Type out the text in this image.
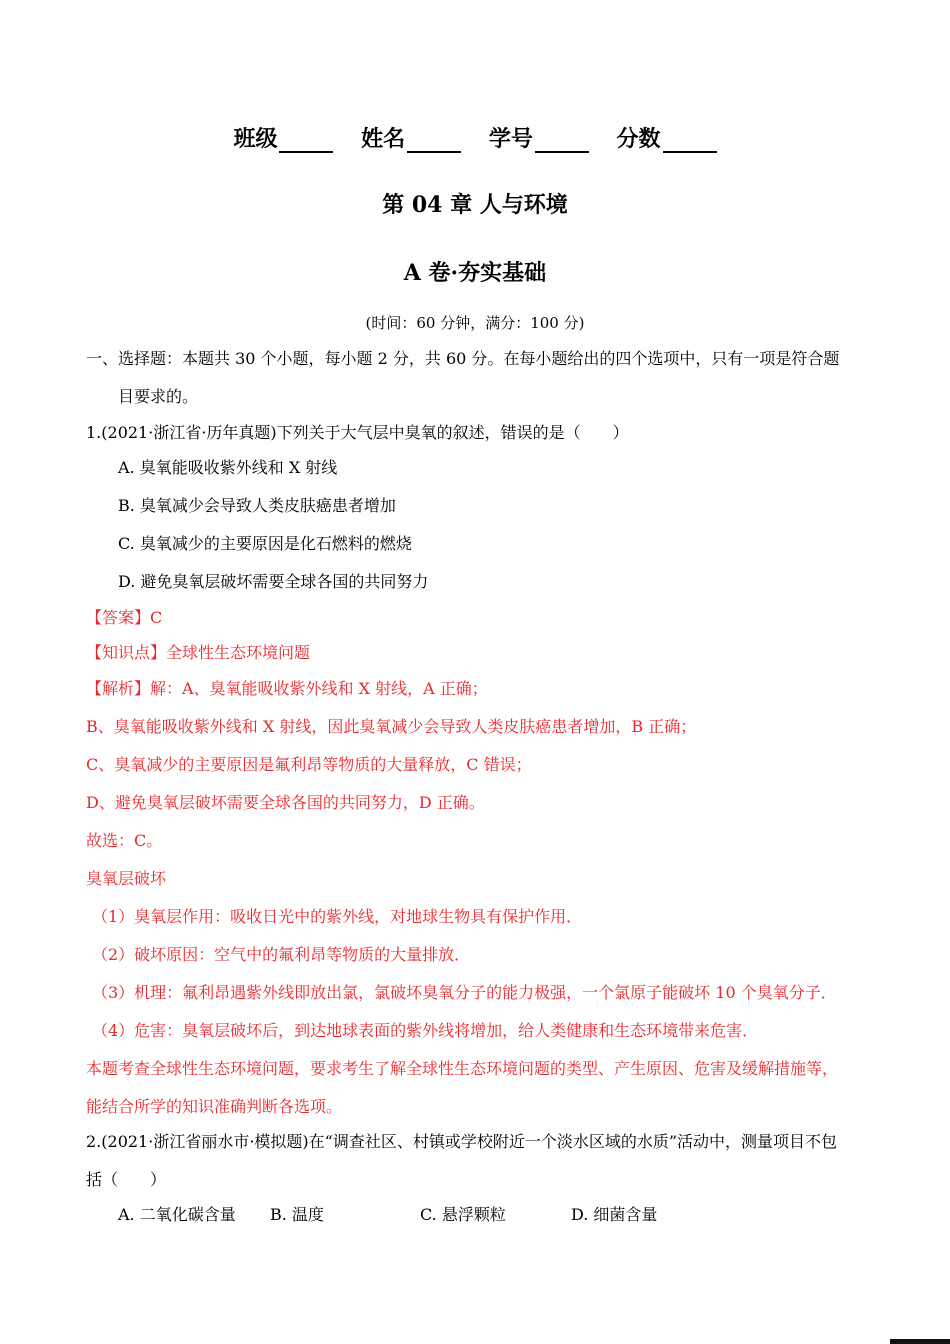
班级	姓名	学号	分数
第 04 章 人与环境
A 卷·夯实基础
(时间：60 分钟，满分：100 分)
一、选择题：本题共 30 个小题，每小题 2 分，共 60 分。在每小题给出的四个选项中，只有一项是符合题
目要求的。
1.(2021·浙江省·历年真题)下列关于大气层中臭氧的叙述，错误的是（　　）
A. 臭氧能吸收紫外线和 X 射线
B. 臭氧减少会导致人类皮肤癌患者增加
C. 臭氧减少的主要原因是化石燃料的燃烧
D. 避免臭氧层破坏需要全球各国的共同努力
【答案】C
【知识点】全球性生态环境问题
【解析】解：A、臭氧能吸收紫外线和 X 射线，A 正确；
B、臭氧能吸收紫外线和 X 射线，因此臭氧减少会导致人类皮肤癌患者增加，B 正确；
C、臭氧减少的主要原因是氟利昂等物质的大量释放，C 错误；
D、避免臭氧层破坏需要全球各国的共同努力，D 正确。
故选：C。
臭氧层破坏
（1）臭氧层作用：吸收日光中的紫外线，对地球生物具有保护作用．
（2）破坏原因：空气中的氟利昂等物质的大量排放．
（3）机理：氟利昂遇紫外线即放出氯，氯破坏臭氧分子的能力极强，一个氯原子能破坏 10 个臭氧分子．
（4）危害：臭氧层破坏后，到达地球表面的紫外线将增加，给人类健康和生态环境带来危害．
本题考查全球性生态环境问题，要求考生了解全球性生态环境问题的类型、产生原因、危害及缓解措施等，
能结合所学的知识准确判断各选项。
2.(2021·浙江省丽水市·模拟题)在“调查社区、村镇或学校附近一个淡水区域的水质”活动中，测量项目不包
括（　　）
A. 二氧化碳含量 B. 温度	C. 悬浮颗粒	D. 细菌含量
